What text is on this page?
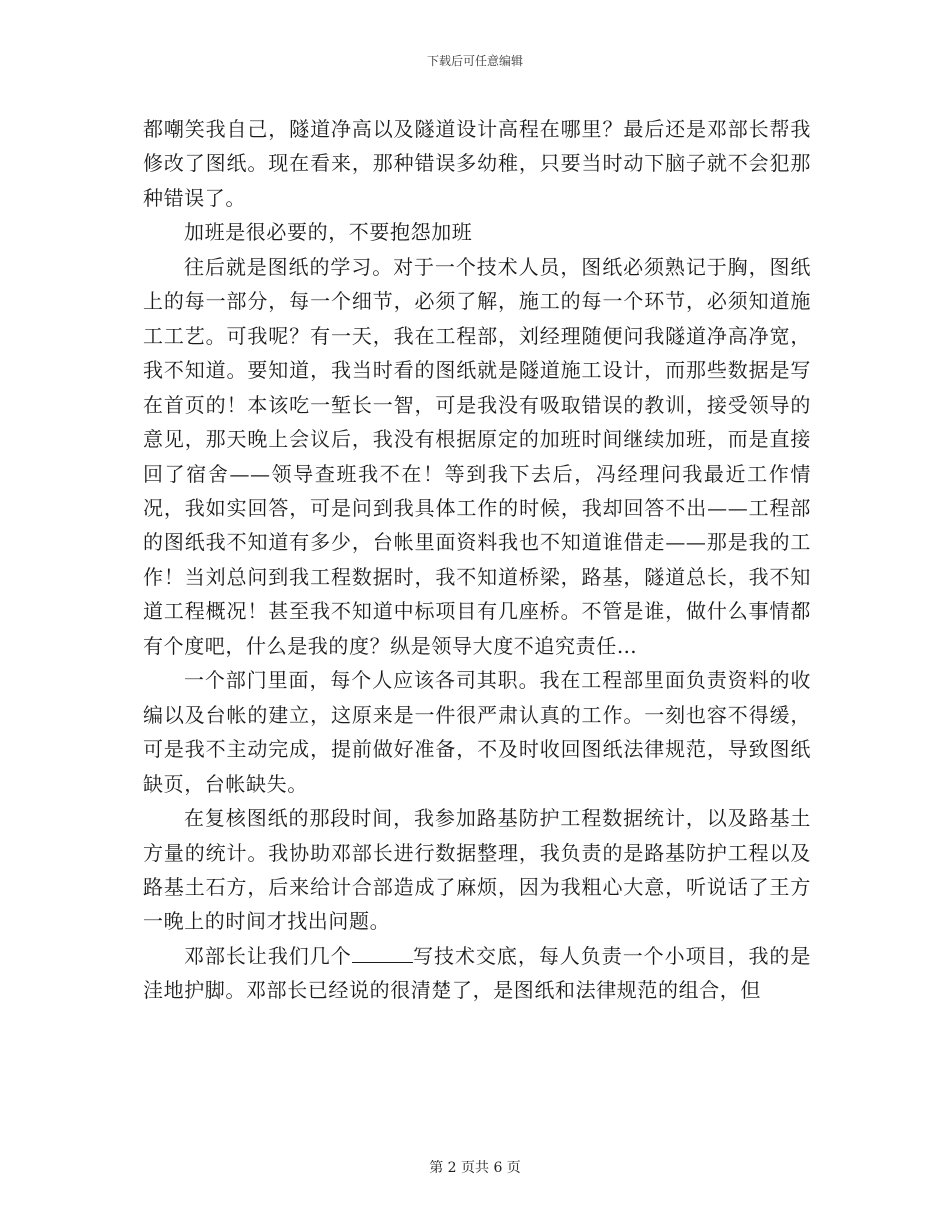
下载后可任意编辑

都嘲笑我自己，隧道净高以及隧道设计高程在哪里？最后还是邓部长帮我修改了图纸。现在看来，那种错误多幼稚，只要当时动下脑子就不会犯那种错误了。

加班是很必要的，不要抱怨加班

往后就是图纸的学习。对于一个技术人员，图纸必须熟记于胸，图纸上的每一部分，每一个细节，必须了解，施工的每一个环节，必须知道施工工艺。可我呢？有一天，我在工程部，刘经理随便问我隧道净高净宽，我不知道。要知道，我当时看的图纸就是隧道施工设计，而那些数据是写在首页的！本该吃一堑长一智，可是我没有吸取错误的教训，接受领导的意见，那天晚上会议后，我没有根据原定的加班时间继续加班，而是直接回了宿舍——领导查班我不在！等到我下去后，冯经理问我最近工作情况，我如实回答，可是问到我具体工作的时候，我却回答不出——工程部的图纸我不知道有多少，台帐里面资料我也不知道谁借走——那是我的工作！当刘总问到我工程数据时，我不知道桥梁，路基，隧道总长，我不知道工程概况！甚至我不知道中标项目有几座桥。不管是谁，做什么事情都有个度吧，什么是我的度？纵是领导大度不追究责任…

一个部门里面，每个人应该各司其职。我在工程部里面负责资料的收编以及台帐的建立，这原来是一件很严肃认真的工作。一刻也容不得缓，可是我不主动完成，提前做好准备，不及时收回图纸法律规范，导致图纸缺页，台帐缺失。

在复核图纸的那段时间，我参加路基防护工程数据统计，以及路基土方量的统计。我协助邓部长进行数据整理，我负责的是路基防护工程以及路基土石方，后来给计合部造成了麻烦，因为我粗心大意，听说话了王方一晚上的时间才找出问题。

邓部长让我们几个	写技术交底，每人负责一个小项目，我的是洼地护脚。邓部长已经说的很清楚了，是图纸和法律规范的组合，但

第 2 页共 6 页
